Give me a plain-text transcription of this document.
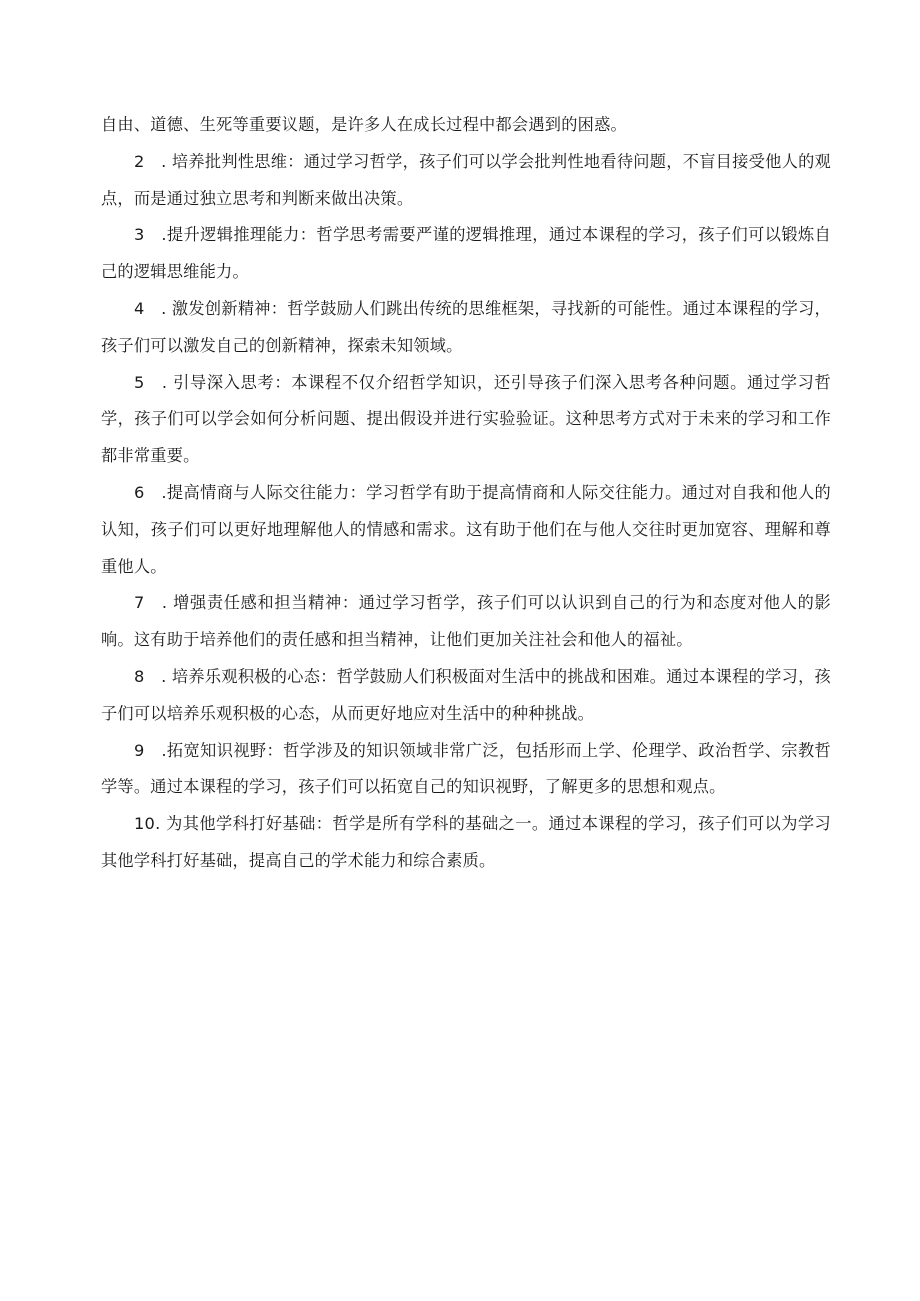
自由、道德、生死等重要议题，是许多人在成长过程中都会遇到的困惑。

2　. 培养批判性思维：通过学习哲学，孩子们可以学会批判性地看待问题，不盲目接受他人的观点，而是通过独立思考和判断来做出决策。

3　.提升逻辑推理能力：哲学思考需要严谨的逻辑推理，通过本课程的学习，孩子们可以锻炼自己的逻辑思维能力。

4　. 激发创新精神：哲学鼓励人们跳出传统的思维框架，寻找新的可能性。通过本课程的学习，孩子们可以激发自己的创新精神，探索未知领域。

5　. 引导深入思考：本课程不仅介绍哲学知识，还引导孩子们深入思考各种问题。通过学习哲学，孩子们可以学会如何分析问题、提出假设并进行实验验证。这种思考方式对于未来的学习和工作都非常重要。

6　.提高情商与人际交往能力：学习哲学有助于提高情商和人际交往能力。通过对自我和他人的认知，孩子们可以更好地理解他人的情感和需求。这有助于他们在与他人交往时更加宽容、理解和尊重他人。

7　. 增强责任感和担当精神：通过学习哲学，孩子们可以认识到自己的行为和态度对他人的影响。这有助于培养他们的责任感和担当精神，让他们更加关注社会和他人的福祉。

8　. 培养乐观积极的心态：哲学鼓励人们积极面对生活中的挑战和困难。通过本课程的学习，孩子们可以培养乐观积极的心态，从而更好地应对生活中的种种挑战。

9　.拓宽知识视野：哲学涉及的知识领域非常广泛，包括形而上学、伦理学、政治哲学、宗教哲学等。通过本课程的学习，孩子们可以拓宽自己的知识视野，了解更多的思想和观点。

10. 为其他学科打好基础：哲学是所有学科的基础之一。通过本课程的学习，孩子们可以为学习其他学科打好基础，提高自己的学术能力和综合素质。
